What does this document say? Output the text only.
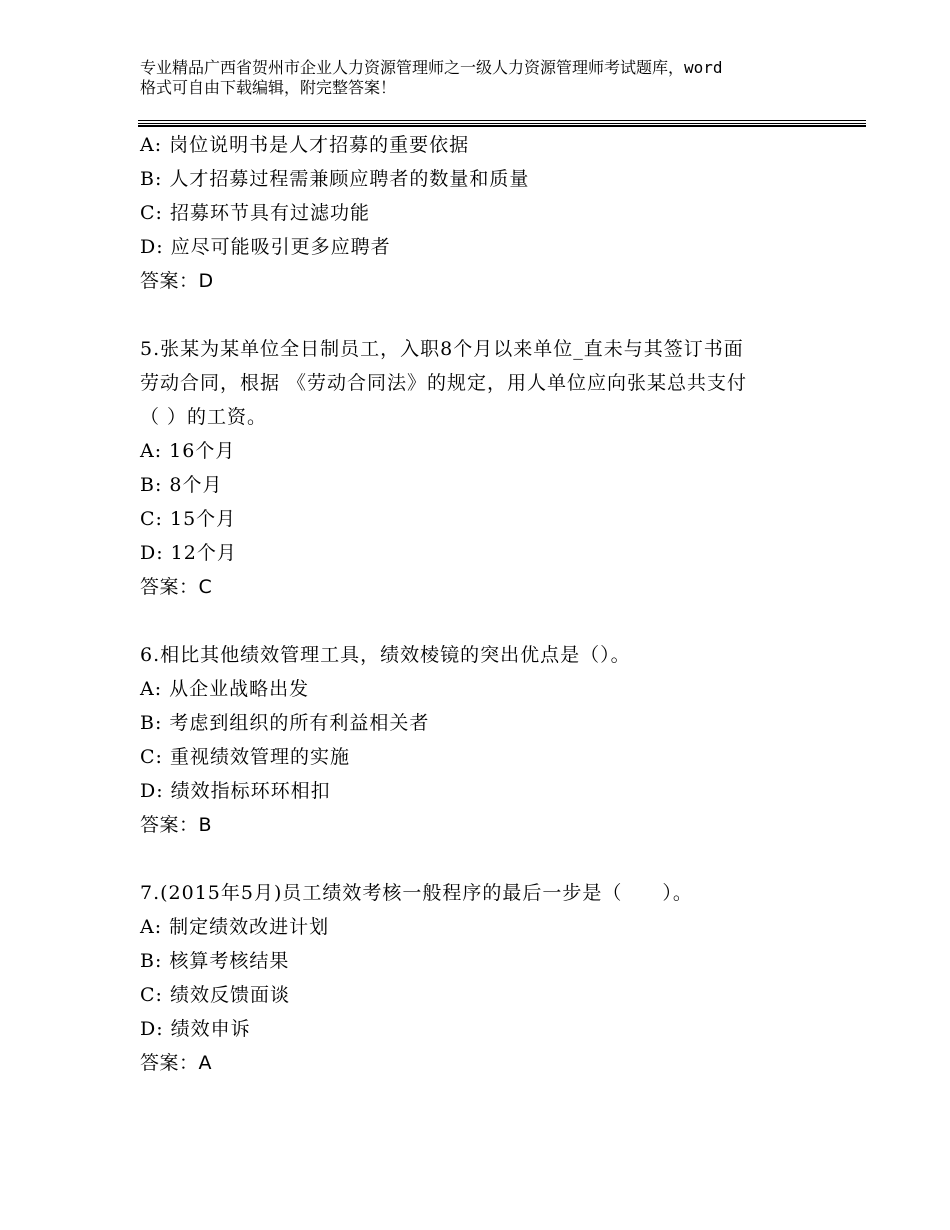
专业精品广西省贺州市企业人力资源管理师之一级人力资源管理师考试题库，word
格式可自由下载编辑，附完整答案！
A: 岗位说明书是人才招募的重要依据
B: 人才招募过程需兼顾应聘者的数量和质量
C: 招募环节具有过滤功能
D: 应尽可能吸引更多应聘者
答案：D
5.张某为某单位全日制员工，入职8个月以来单位_直未与其签订书面
劳动合同，根据 《劳动合同法》的规定，用人单位应向张某总共支付
（ ）的工资。
A: 16个月
B: 8个月
C: 15个月
D: 12个月
答案：C
6.相比其他绩效管理工具，绩效棱镜的突出优点是（）。
A: 从企业战略出发
B: 考虑到组织的所有利益相关者
C: 重视绩效管理的实施
D: 绩效指标环环相扣
答案：B
7.(2015年5月)员工绩效考核一般程序的最后一步是（　　）。
A: 制定绩效改进计划
B: 核算考核结果
C: 绩效反馈面谈
D: 绩效申诉
答案：A
